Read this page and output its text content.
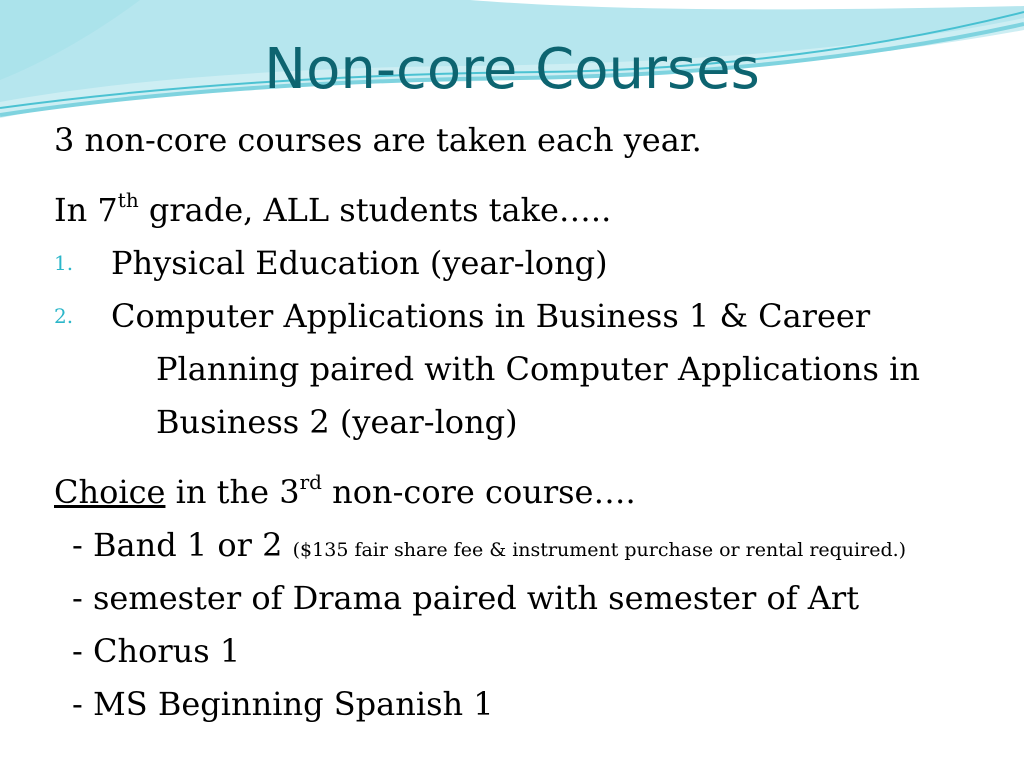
Non-core Courses
3 non-core courses are taken each year.
In 7th grade, ALL students take…..
1. Physical Education (year-long)
2. Computer Applications in Business 1 & Career
Planning paired with Computer Applications in
Business 2 (year-long)
Choice in the 3rd non-core course….
- Band 1 or 2 ($135 fair share fee & instrument purchase or rental required.)
- semester of Drama paired with semester of Art
- Chorus 1
- MS Beginning Spanish 1
